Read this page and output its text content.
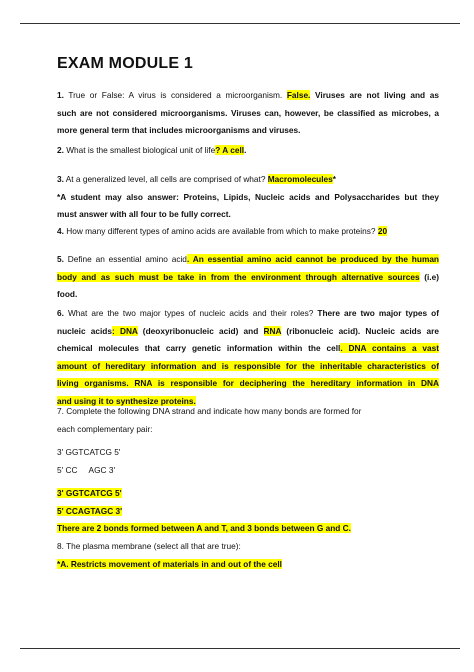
EXAM MODULE 1
1. True or False: A virus is considered a microorganism. False. Viruses are not living and as
such are not considered microorganisms. Viruses can, however, be classified as microbes, a
more general term that includes microorganisms and viruses.
2. What is the smallest biological unit of life? A cell.
3. At a generalized level, all cells are comprised of what? Macromolecules*
*A student may also answer: Proteins, Lipids, Nucleic acids and Polysaccharides but they
must answer with all four to be fully correct.
4. How many different types of amino acids are available from which to make proteins? 20
5. Define an essential amino acid. An essential amino acid cannot be produced by the human
body and as such must be take in from the environment through alternative sources (i.e)
food.
6. What are the two major types of nucleic acids and their roles? There are two major types of
nucleic acids: DNA (deoxyribonucleic acid) and RNA (ribonucleic acid). Nucleic acids are
chemical molecules that carry genetic information within the cell. DNA contains a vast
amount of hereditary information and is responsible for the inheritable characteristics of
living organisms. RNA is responsible for deciphering the hereditary information in DNA
and using it to synthesize proteins.
7. Complete the following DNA strand and indicate how many bonds are formed for
each complementary pair:
3' GGTCATCG 5'
5' CC     AGC 3'
3' GGTCATCG 5'
5' CCAGTAGC 3'
There are 2 bonds formed between A and T, and 3 bonds between G and C.
8. The plasma membrane (select all that are true):
*A. Restricts movement of materials in and out of the cell
